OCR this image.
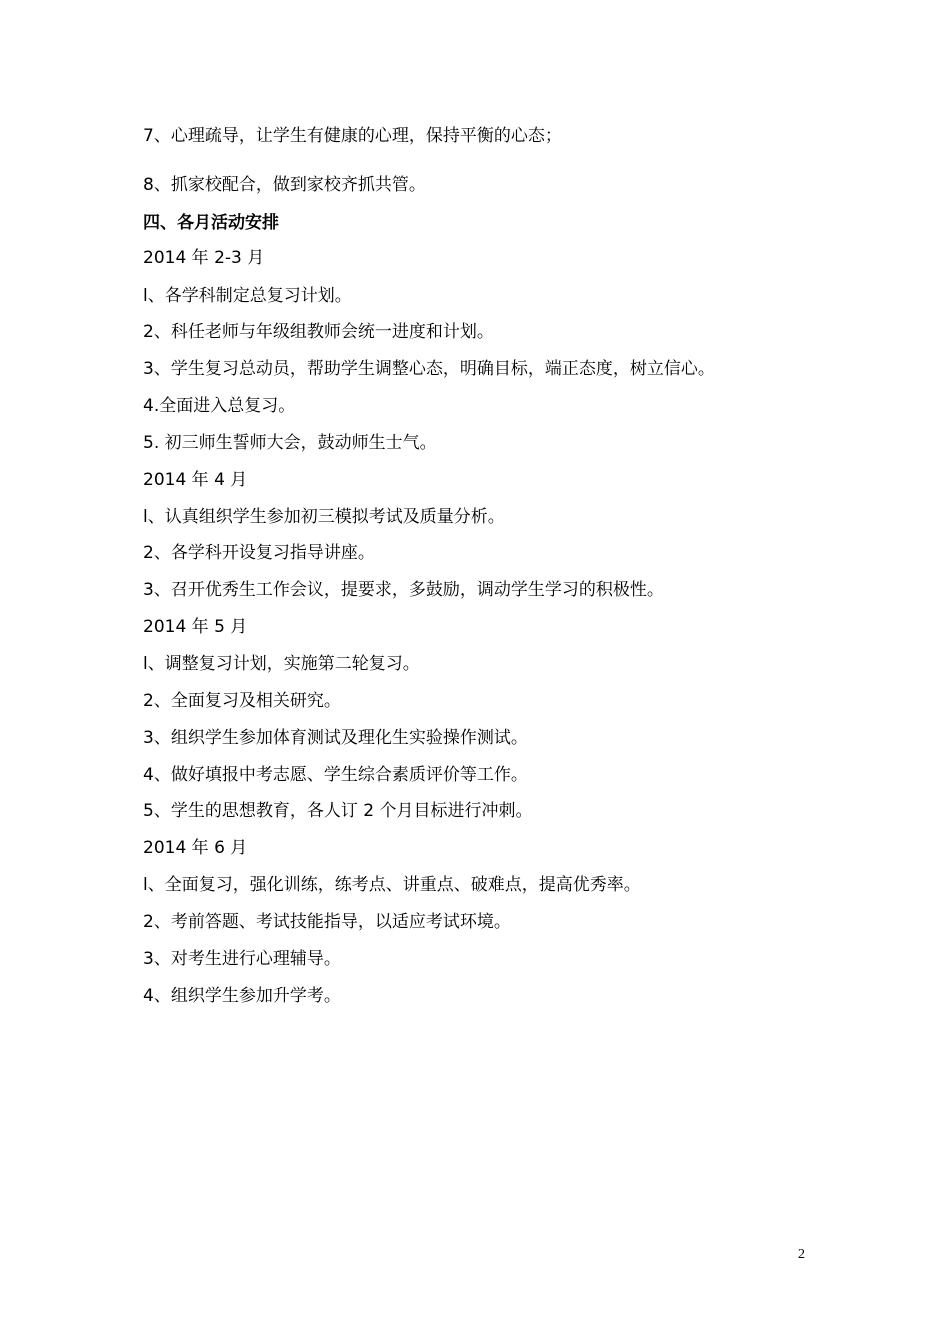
7、心理疏导，让学生有健康的心理，保持平衡的心态；
8、抓家校配合，做到家校齐抓共管。
四、各月活动安排
2014 年 2-3 月
l、各学科制定总复习计划。
2、科任老师与年级组教师会统一进度和计划。
3、学生复习总动员，帮助学生调整心态，明确目标，端正态度，树立信心。
4.全面进入总复习。
5. 初三师生誓师大会，鼓动师生士气。
2014 年 4 月
l、认真组织学生参加初三模拟考试及质量分析。
2、各学科开设复习指导讲座。
3、召开优秀生工作会议，提要求，多鼓励，调动学生学习的积极性。
2014 年 5 月
l、调整复习计划，实施第二轮复习。
2、全面复习及相关研究。
3、组织学生参加体育测试及理化生实验操作测试。
4、做好填报中考志愿、学生综合素质评价等工作。
5、学生的思想教育，各人订 2 个月目标进行冲刺。
2014 年 6 月
l、全面复习，强化训练，练考点、讲重点、破难点，提高优秀率。
2、考前答题、考试技能指导，以适应考试环境。
3、对考生进行心理辅导。
4、组织学生参加升学考。
2
